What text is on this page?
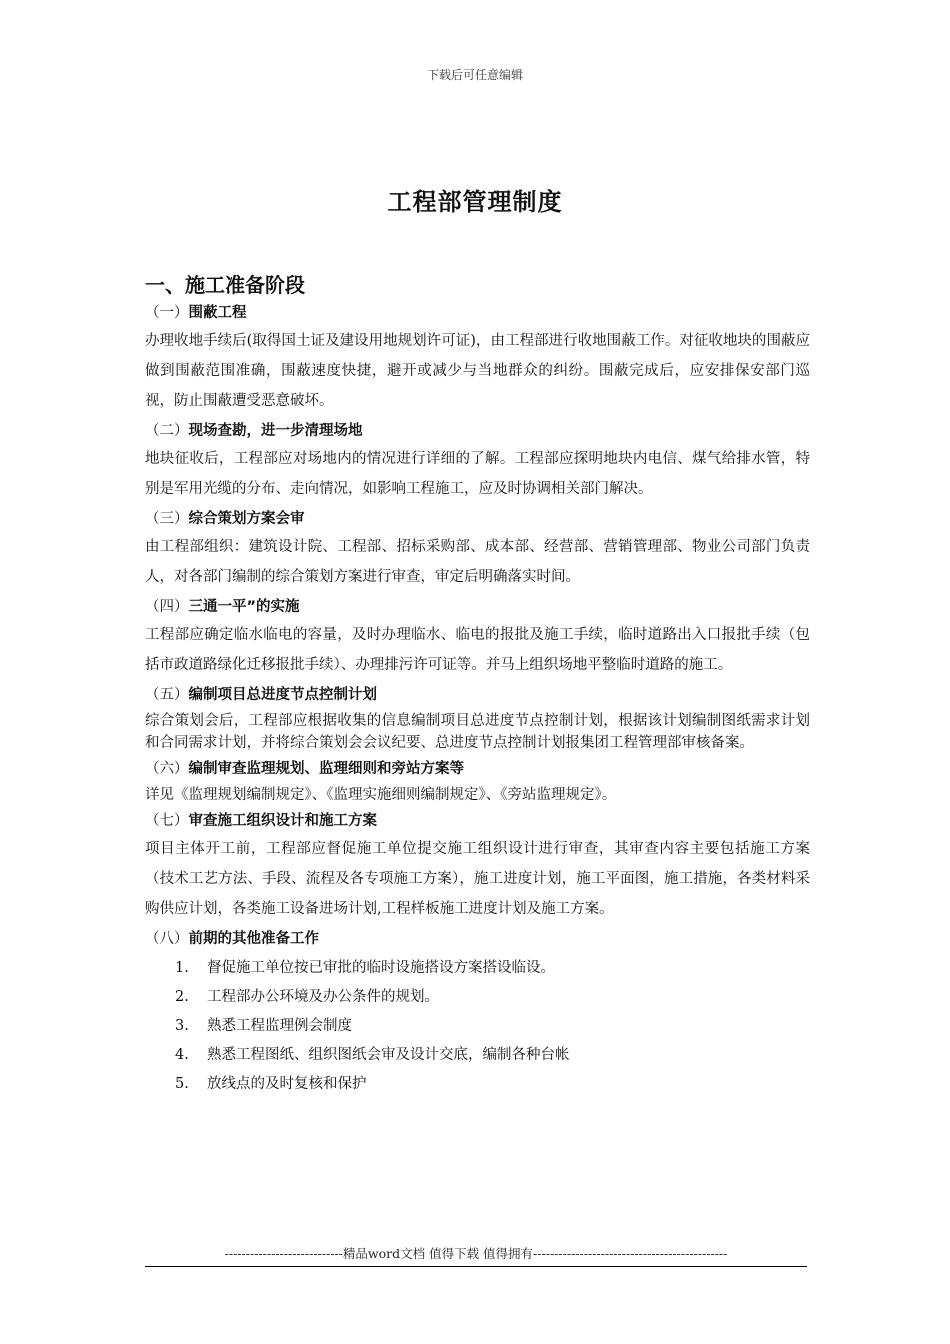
下载后可任意编辑
工程部管理制度
一、施工准备阶段
（一）围蔽工程

办理收地手续后(取得国土证及建设用地规划许可证)，由工程部进行收地围蔽工作。对征收地块的围蔽应做到围蔽范围准确，围蔽速度快捷，避开或减少与当地群众的纠纷。围蔽完成后，应安排保安部门巡视，防止围蔽遭受恶意破坏。

（二）现场查勘，进一步清理场地

地块征收后，工程部应对场地内的情况进行详细的了解。工程部应探明地块内电信、煤气给排水管，特别是军用光缆的分布、走向情况，如影响工程施工，应及时协调相关部门解决。

（三）综合策划方案会审

由工程部组织：建筑设计院、工程部、招标采购部、成本部、经营部、营销管理部、物业公司部门负责人，对各部门编制的综合策划方案进行审查，审定后明确落实时间。

（四）三通一平”的实施

工程部应确定临水临电的容量，及时办理临水、临电的报批及施工手续，临时道路出入口报批手续（包括市政道路绿化迁移报批手续）、办理排污许可证等。并马上组织场地平整临时道路的施工。

（五）编制项目总进度节点控制计划

综合策划会后，工程部应根据收集的信息编制项目总进度节点控制计划，根据该计划编制图纸需求计划和合同需求计划，并将综合策划会会议纪要、总进度节点控制计划报集团工程管理部审核备案。

（六）编制审查监理规划、监理细则和旁站方案等

详见《监理规划编制规定》、《监理实施细则编制规定》、《旁站监理规定》。

（七）审查施工组织设计和施工方案

项目主体开工前，工程部应督促施工单位提交施工组织设计进行审查，其审查内容主要包括施工方案（技术工艺方法、手段、流程及各专项施工方案），施工进度计划，施工平面图，施工措施，各类材料采购供应计划，各类施工设备进场计划,工程样板施工进度计划及施工方案。

（八）前期的其他准备工作
1. 督促施工单位按已审批的临时设施搭设方案搭设临设。
2. 工程部办公环境及办公条件的规划。
3. 熟悉工程监理例会制度
4. 熟悉工程图纸、组织图纸会审及设计交底，编制各种台帐
5. 放线点的及时复核和保护
----------------------------精品word文档 值得下载 值得拥有----------------------------------------------
